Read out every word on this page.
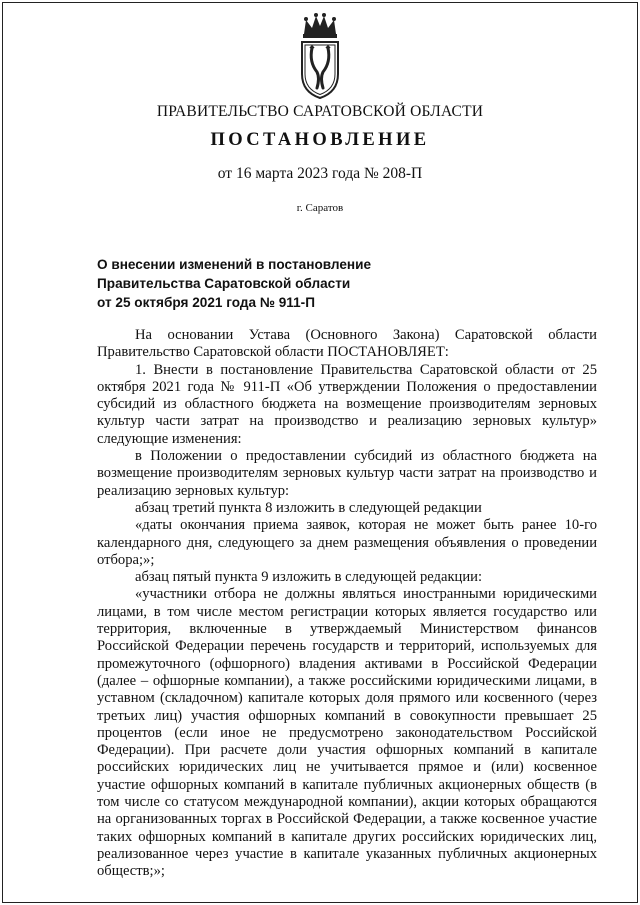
ПРАВИТЕЛЬСТВО САРАТОВСКОЙ ОБЛАСТИ
ПОСТАНОВЛЕНИЕ
от 16 марта 2023 года № 208-П
г. Саратов
О внесении изменений в постановление
Правительства Саратовской области
от 25 октября 2021 года № 911-П

На основании Устава (Основного Закона) Саратовской области Правительство Саратовской области ПОСТАНОВЛЯЕТ:

1. Внести в постановление Правительства Саратовской области от 25 октября 2021 года № 911-П «Об утверждении Положения о предоставлении субсидий из областного бюджета на возмещение производителям зерновых культур части затрат на производство и реализацию зерновых культур» следующие изменения:

в Положении о предоставлении субсидий из областного бюджета на возмещение производителям зерновых культур части затрат на производство и реализацию зерновых культур:

абзац третий пункта 8 изложить в следующей редакции

«даты окончания приема заявок, которая не может быть ранее 10-го календарного дня, следующего за днем размещения объявления о проведении отбора;»;

абзац пятый пункта 9 изложить в следующей редакции:

«участники отбора не должны являться иностранными юридическими лицами, в том числе местом регистрации которых является государство или территория, включенные в утверждаемый Министерством финансов Российской Федерации перечень государств и территорий, используемых для промежуточного (офшорного) владения активами в Российской Федерации (далее – офшорные компании), а также российскими юридическими лицами, в уставном (складочном) капитале которых доля прямого или косвенного (через третьих лиц) участия офшорных компаний в совокупности превышает 25 процентов (если иное не предусмотрено законодательством Российской Федерации). При расчете доли участия офшорных компаний в капитале российских юридических лиц не учитывается прямое и (или) косвенное участие офшорных компаний в капитале публичных акционерных обществ (в том числе со статусом международной компании), акции которых обращаются на организованных торгах в Российской Федерации, а также косвенное участие таких офшорных компаний в капитале других российских юридических лиц, реализованное через участие в капитале указанных публичных акционерных обществ;»;
